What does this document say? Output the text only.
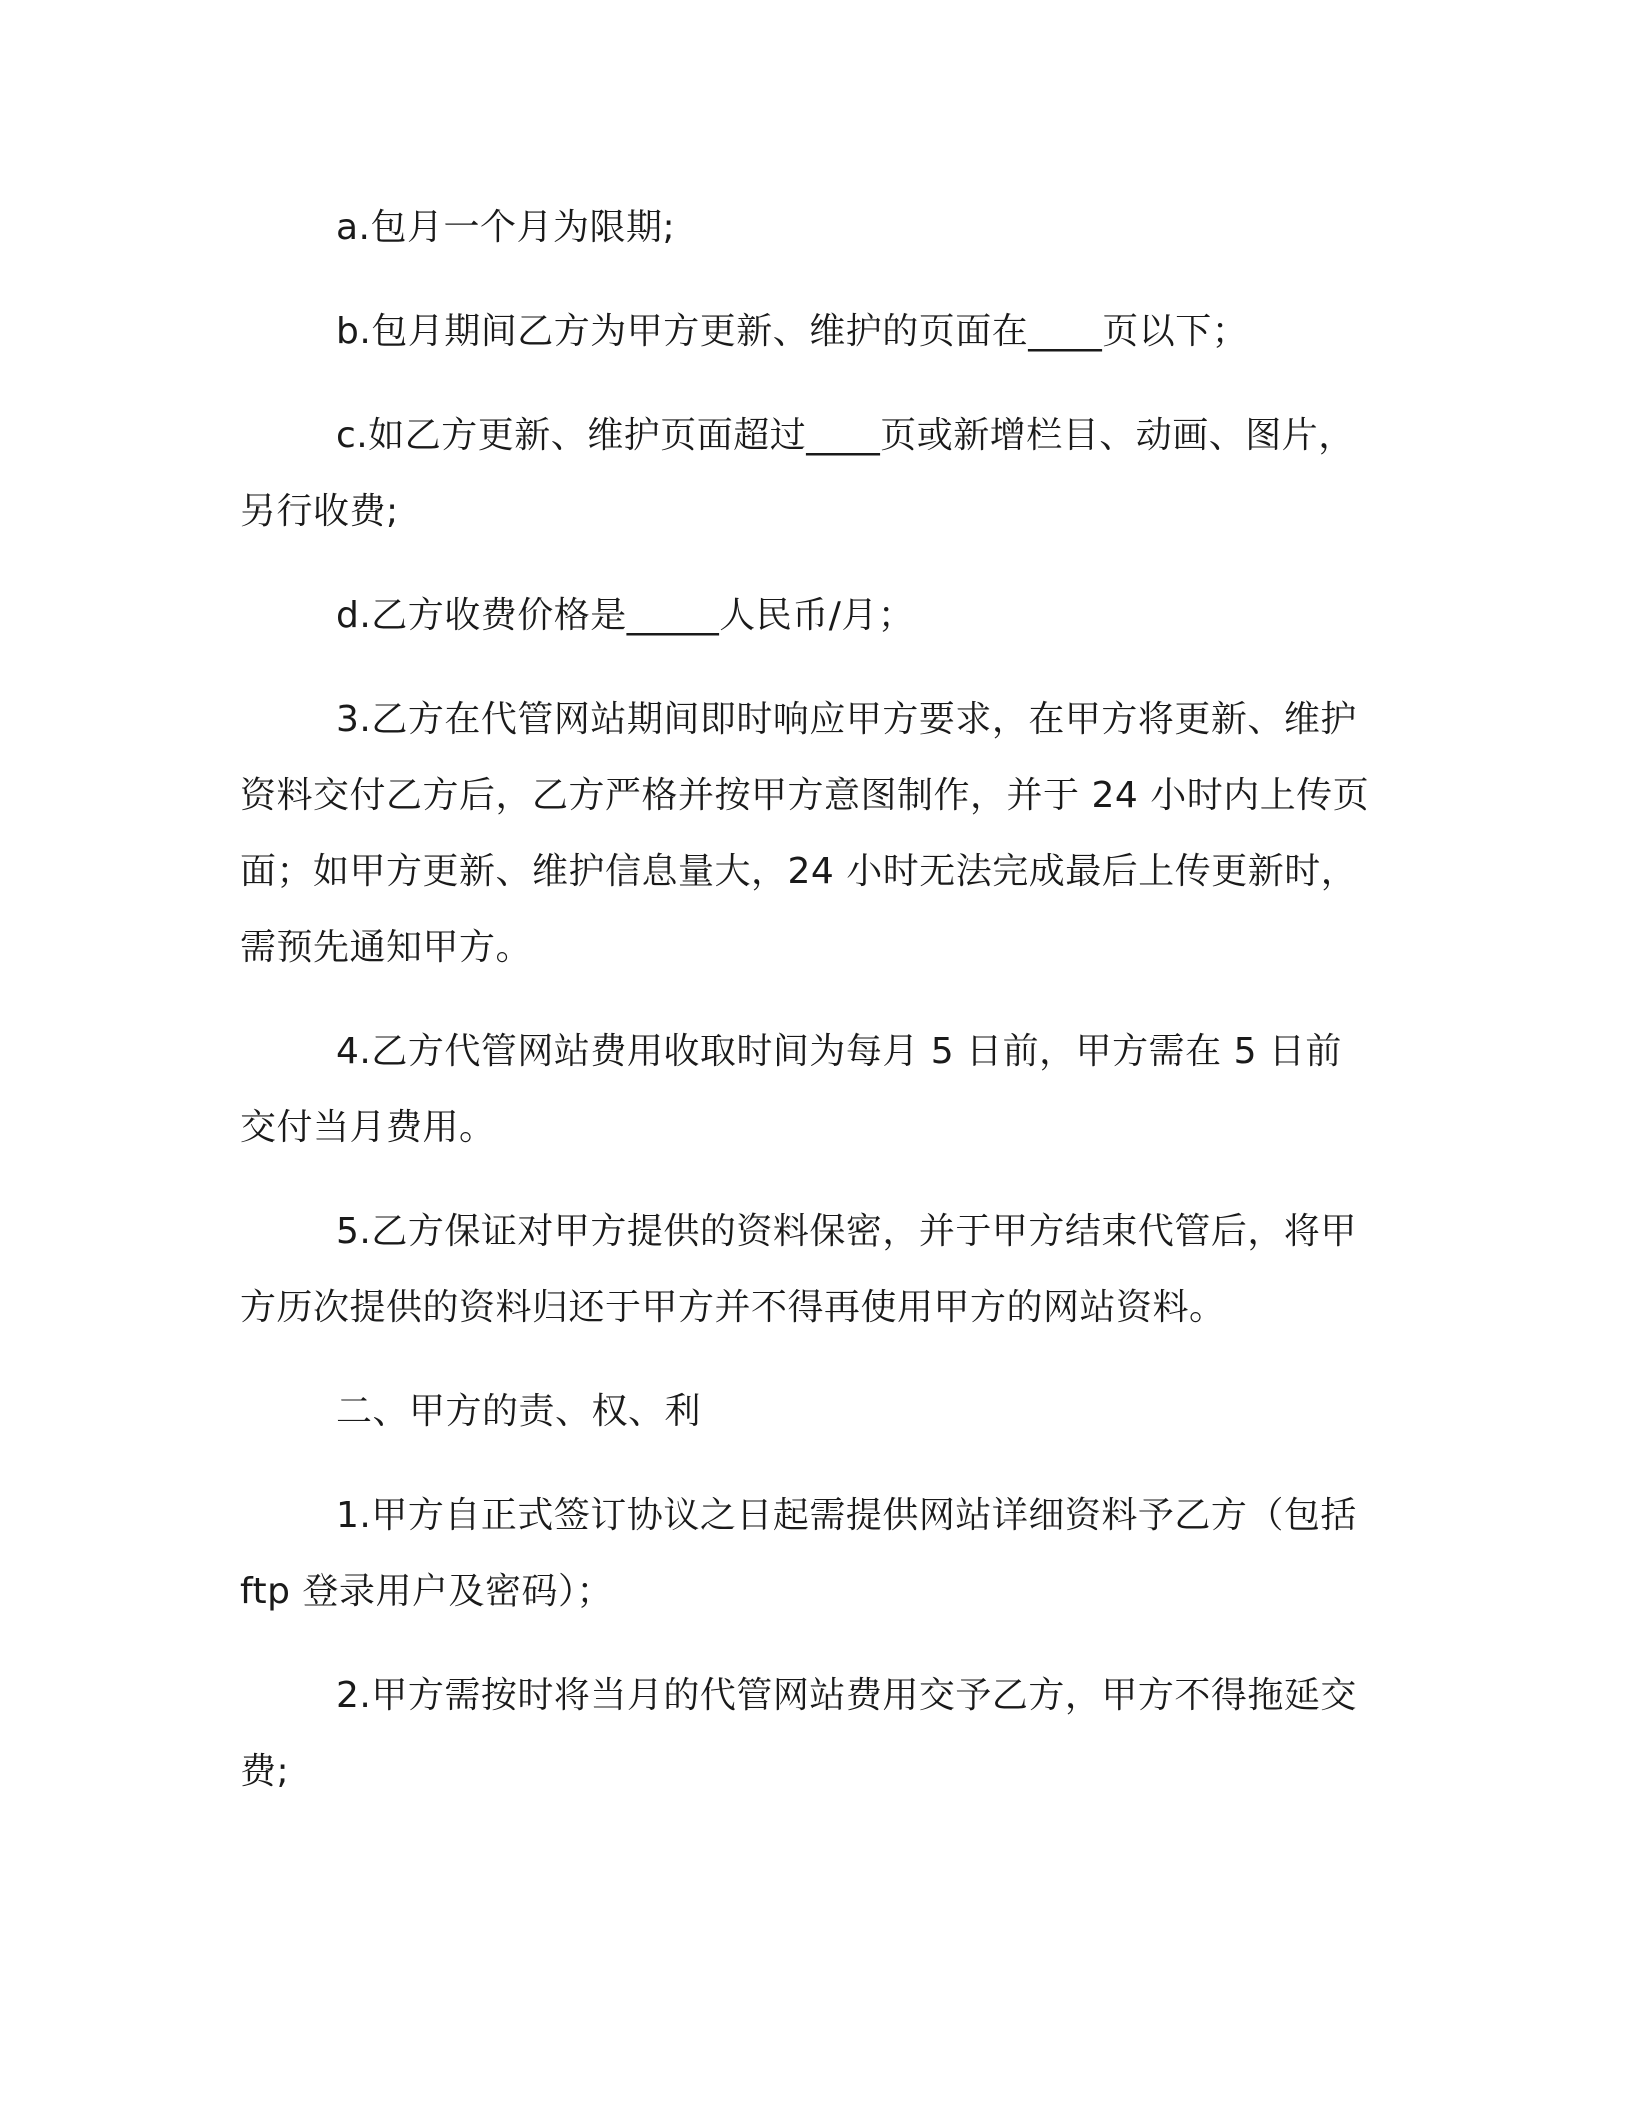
a.包月一个月为限期;

b.包月期间乙方为甲方更新、维护的页面在____页以下；

c.如乙方更新、维护页面超过____页或新增栏目、动画、图片，另行收费;

d.乙方收费价格是_____人民币/月；

3.乙方在代管网站期间即时响应甲方要求，在甲方将更新、维护资料交付乙方后，乙方严格并按甲方意图制作，并于 24 小时内上传页面；如甲方更新、维护信息量大，24 小时无法完成最后上传更新时，需预先通知甲方。

4.乙方代管网站费用收取时间为每月 5 日前，甲方需在 5 日前交付当月费用。

5.乙方保证对甲方提供的资料保密，并于甲方结束代管后，将甲方历次提供的资料归还于甲方并不得再使用甲方的网站资料。

二、甲方的责、权、利

1.甲方自正式签订协议之日起需提供网站详细资料予乙方（包括 ftp 登录用户及密码）；

2.甲方需按时将当月的代管网站费用交予乙方，甲方不得拖延交费;
